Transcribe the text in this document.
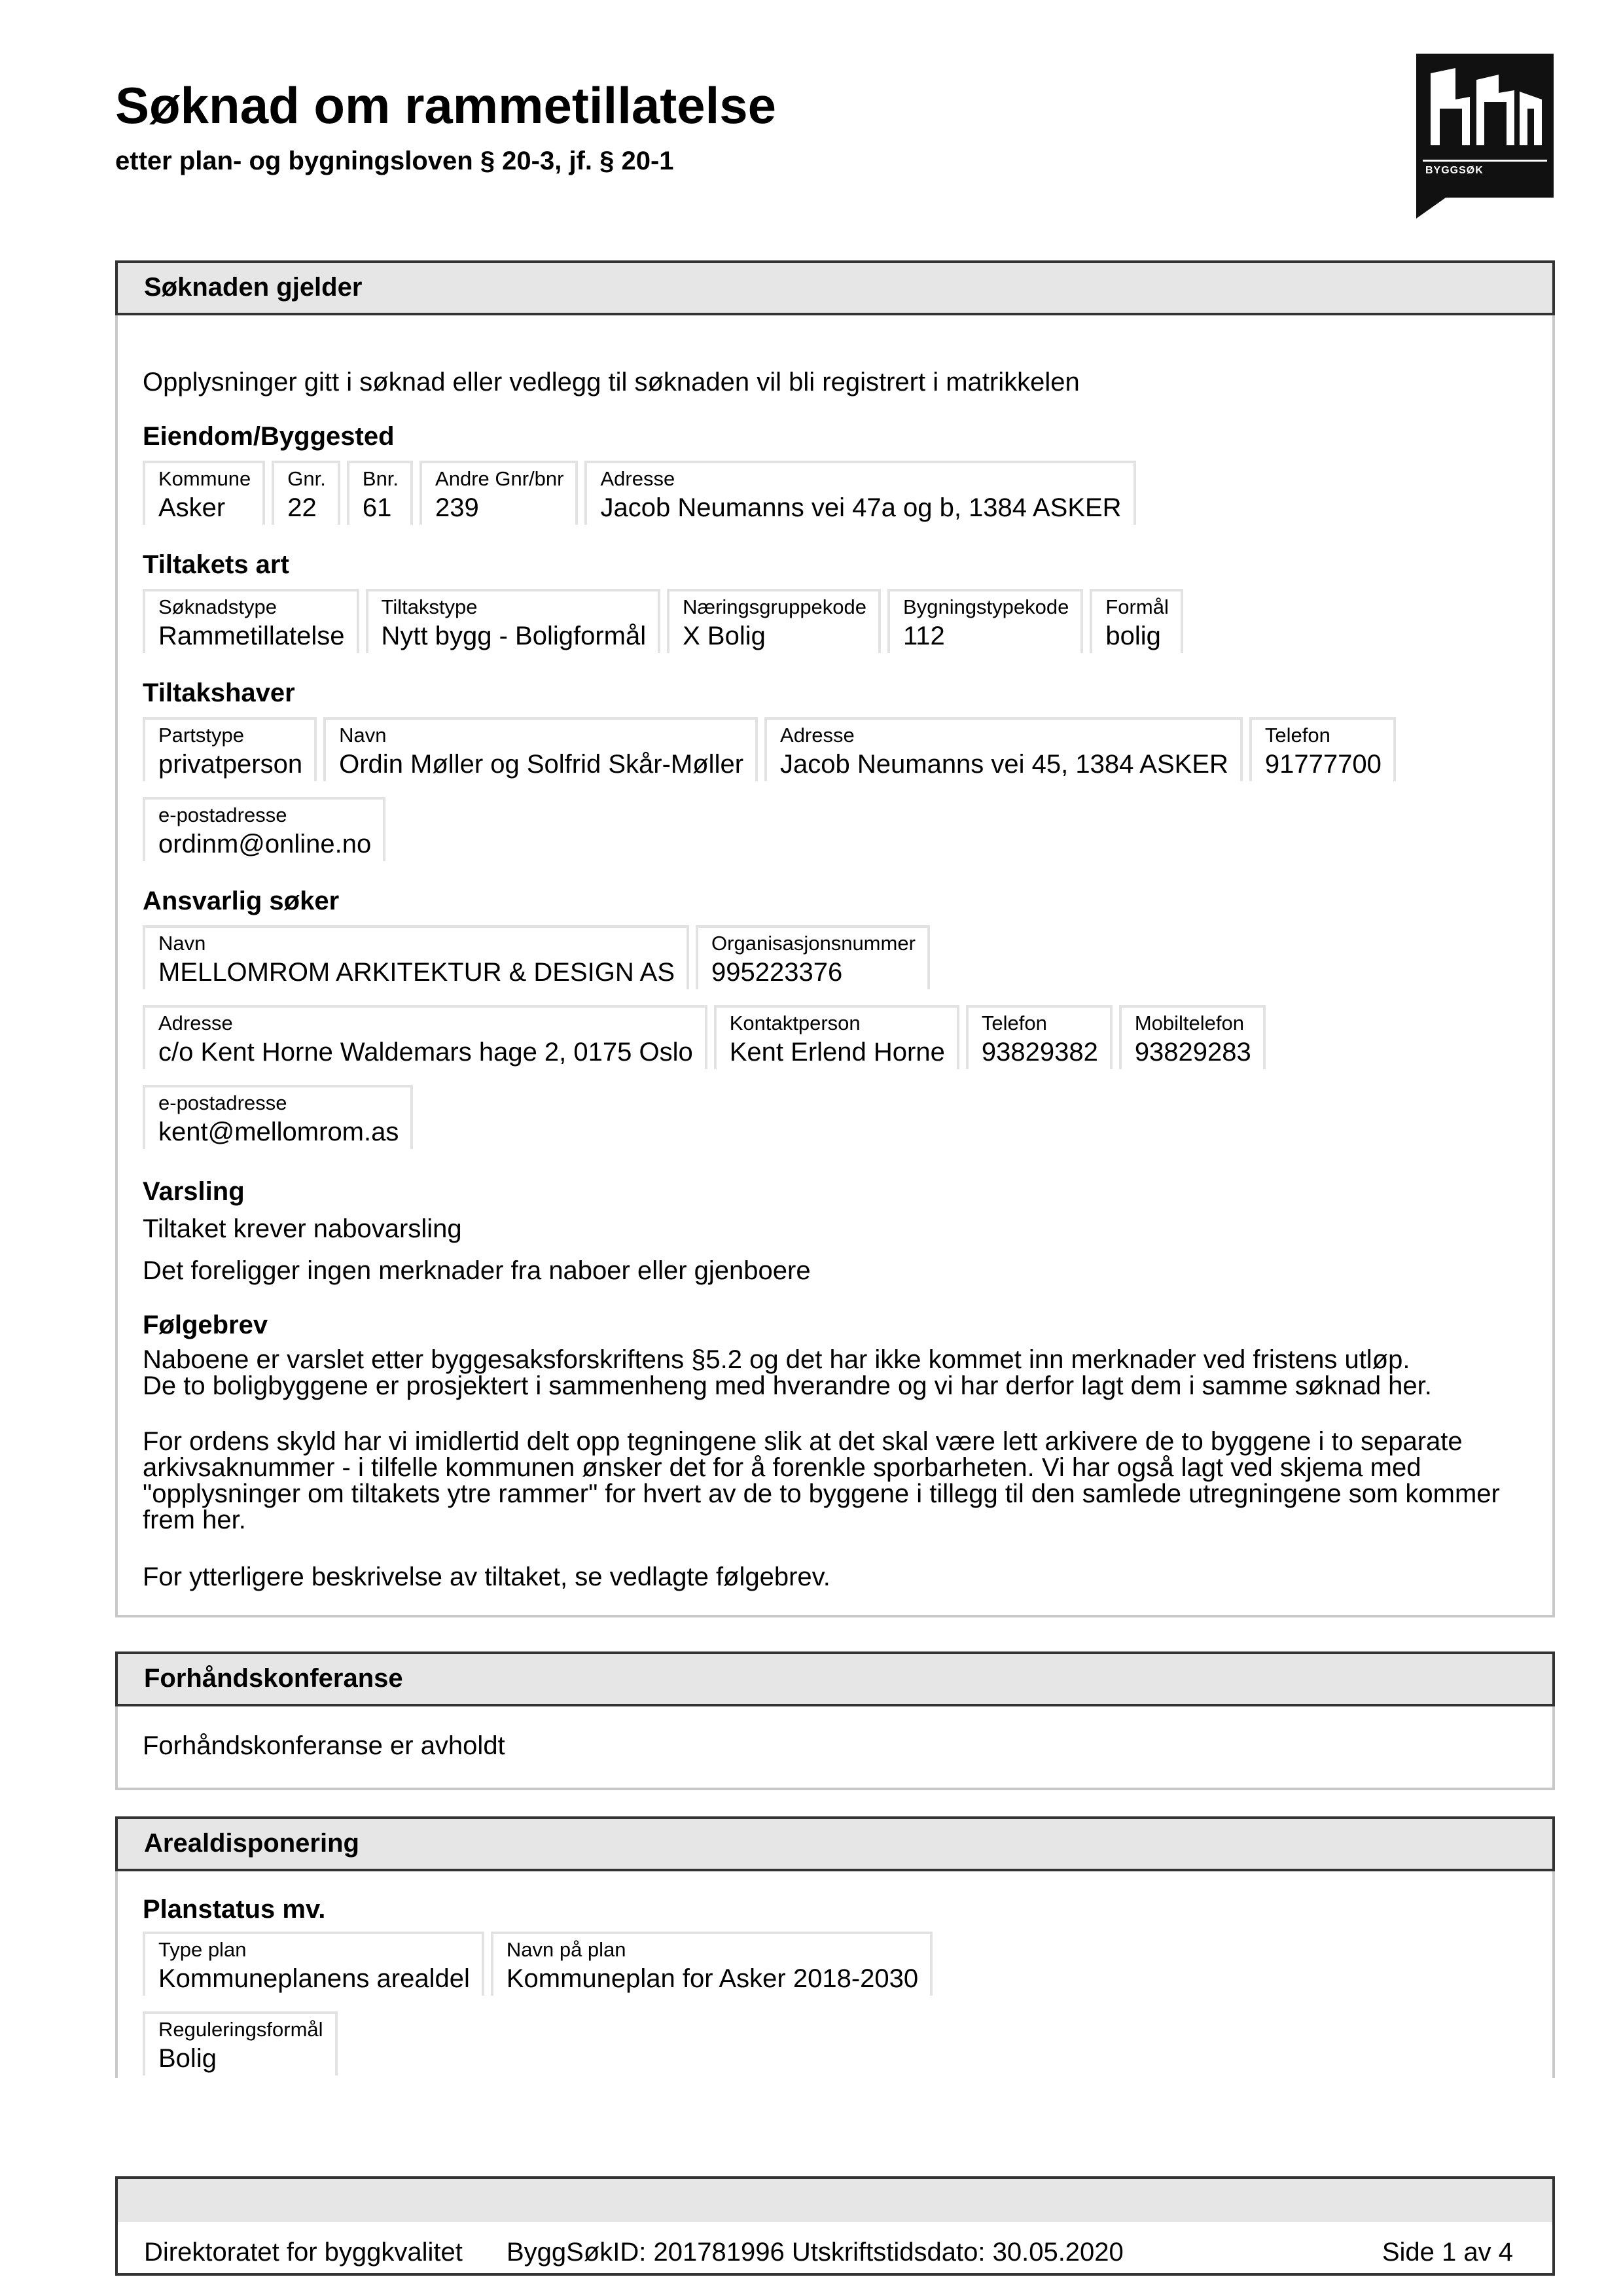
Søknad om rammetillatelse
etter plan- og bygningsloven § 20-3, jf. § 20-1	BYGGSØK
Søknaden gjelder
Opplysninger gitt i søknad eller vedlegg til søknaden vil bli registrert i matrikkelen
Eiendom/Byggested
Kommune
Asker
Gnr.
22
Bnr.
61
Andre Gnr/bnr
239
Adresse
Jacob Neumanns vei 47a og b, 1384 ASKER
Tiltakets art
Søknadstype
Rammetillatelse
Tiltakstype
Nytt bygg - Boligformål
Næringsgruppekode
X Bolig
Bygningstypekode
112
Formål
bolig
Tiltakshaver
Partstype
privatperson
Navn
Ordin Møller og Solfrid Skår-Møller
Adresse
Jacob Neumanns vei 45, 1384 ASKER
Telefon
91777700
e-postadresse
ordinm@online.no
Ansvarlig søker
Navn
MELLOMROM ARKITEKTUR & DESIGN AS
Organisasjonsnummer
995223376
Adresse
c/o Kent Horne Waldemars hage 2, 0175 Oslo
Kontaktperson
Kent Erlend Horne
Telefon
93829382
Mobiltelefon
93829283
e-postadresse
kent@mellomrom.as
Varsling
Tiltaket krever nabovarsling
Det foreligger ingen merknader fra naboer eller gjenboere
Følgebrev
Naboene er varslet etter byggesaksforskriftens §5.2 og det har ikke kommet inn merknader ved fristens utløp.
De to boligbyggene er prosjektert i sammenheng med hverandre og vi har derfor lagt dem i samme søknad her.
For ordens skyld har vi imidlertid delt opp tegningene slik at det skal være lett arkivere de to byggene i to separate arkivsaknummer - i tilfelle kommunen ønsker det for å forenkle sporbarheten. Vi har også lagt ved skjema med "opplysninger om tiltakets ytre rammer" for hvert av de to byggene i tillegg til den samlede utregningene som kommer frem her.
For ytterligere beskrivelse av tiltaket, se vedlagte følgebrev.
Forhåndskonferanse
Forhåndskonferanse er avholdt
Arealdisponering
Planstatus mv.
Type plan
Kommuneplanens arealdel
Navn på plan
Kommuneplan for Asker 2018-2030
Reguleringsformål
Bolig
Direktoratet for byggkvalitet ByggSøkID: 201781996 Utskriftstidsdato: 30.05.2020	Side 1 av 4
